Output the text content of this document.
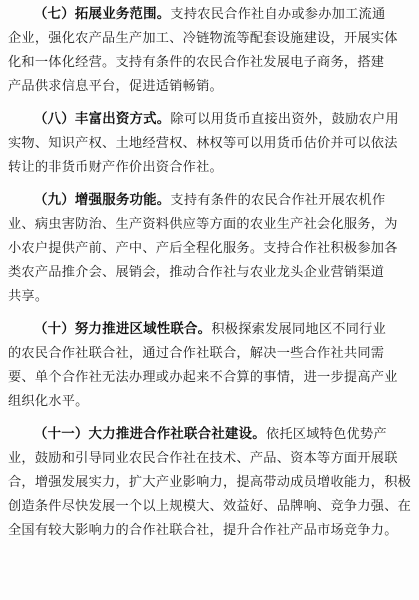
（七）拓展业务范围。支持农民合作社自办或参办加工流通
企业，强化农产品生产加工、冷链物流等配套设施建设，开展实体
化和一体化经营。支持有条件的农民合作社发展电子商务，搭建
产品供求信息平台，促进适销畅销。
（八）丰富出资方式。除可以用货币直接出资外，鼓励农户用
实物、知识产权、土地经营权、林权等可以用货币估价并可以依法
转让的非货币财产作价出资合作社。
（九）增强服务功能。支持有条件的农民合作社开展农机作
业、病虫害防治、生产资料供应等方面的农业生产社会化服务，为
小农户提供产前、产中、产后全程化服务。支持合作社积极参加各
类农产品推介会、展销会，推动合作社与农业龙头企业营销渠道
共享。
（十）努力推进区域性联合。积极探索发展同地区不同行业
的农民合作社联合社，通过合作社联合，解决一些合作社共同需
要、单个合作社无法办理或办起来不合算的事情，进一步提高产业
组织化水平。
（十一）大力推进合作社联合社建设。依托区域特色优势产
业，鼓励和引导同业农民合作社在技术、产品、资本等方面开展联
合，增强发展实力，扩大产业影响力，提高带动成员增收能力，积极
创造条件尽快发展一个以上规模大、效益好、品牌响、竞争力强、在
全国有较大影响力的合作社联合社，提升合作社产品市场竞争力。
